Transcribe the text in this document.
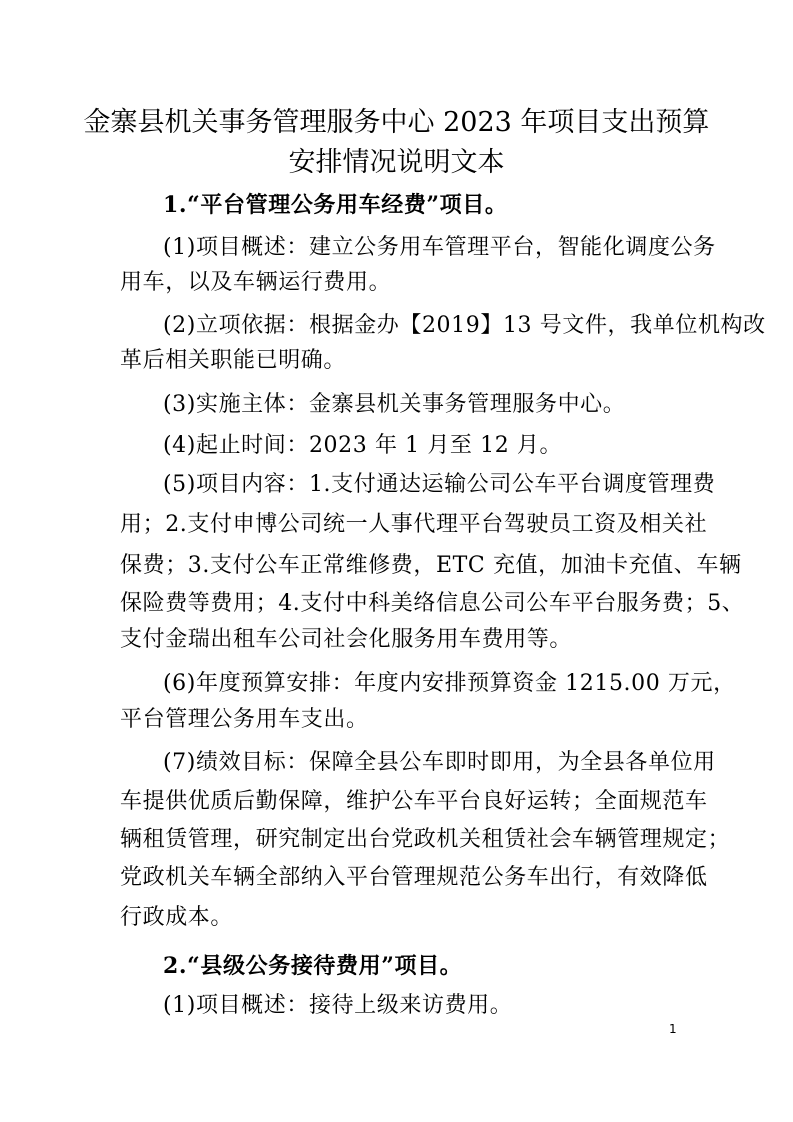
金寨县机关事务管理服务中心 2023 年项目支出预算
安排情况说明文本
1.“平台管理公务用车经费”项目。
(1)项目概述：建立公务用车管理平台，智能化调度公务
用车，以及车辆运行费用。
(2)立项依据：根据金办【2019】13 号文件，我单位机构改
革后相关职能已明确。
(3)实施主体：金寨县机关事务管理服务中心。
(4)起止时间：2023 年 1 月至 12 月。
(5)项目内容：1.支付通达运输公司公车平台调度管理费
用；2.支付申博公司统一人事代理平台驾驶员工资及相关社
保费；3.支付公车正常维修费，ETC 充值，加油卡充值、车辆
保险费等费用；4.支付中科美络信息公司公车平台服务费；5、
支付金瑞出租车公司社会化服务用车费用等。
(6)年度预算安排：年度内安排预算资金 1215.00 万元，
平台管理公务用车支出。
(7)绩效目标：保障全县公车即时即用，为全县各单位用
车提供优质后勤保障，维护公车平台良好运转；全面规范车
辆租赁管理，研究制定出台党政机关租赁社会车辆管理规定；
党政机关车辆全部纳入平台管理规范公务车出行，有效降低
行政成本。
2.“县级公务接待费用”项目。
(1)项目概述：接待上级来访费用。
1
